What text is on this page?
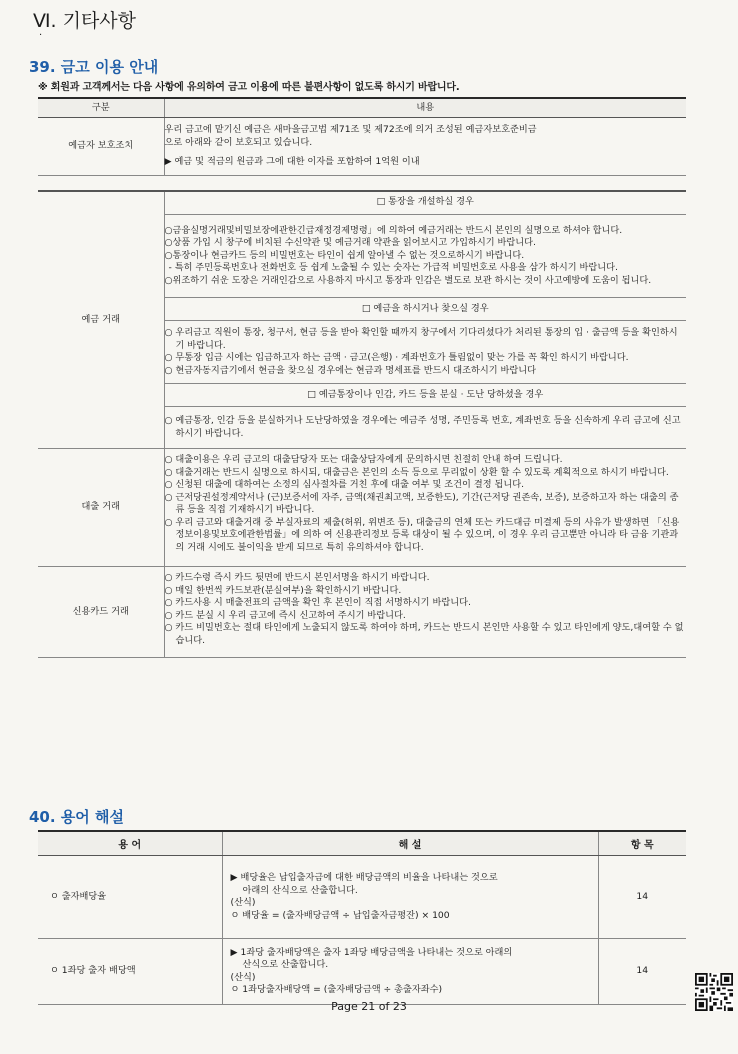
Ⅵ. 기타사항
·
39. 금고 이용 안내
※ 회원과 고객께서는 다음 사항에 유의하여 금고 이용에 따른 불편사항이 없도록 하시기 바랍니다.
구분	내용
예금자 보호조치	우리 금고에 맡기신 예금은 새마을금고법 제71조 및 제72조에 의거 조성된 예금자보호준비금
으로 아래와 같이 보호되고 있습니다.
▶ 예금 및 적금의 원금과 그에 대한 이자를 포함하여 1억원 이내

예금 거래	□ 통장을 개설하실 경우

	○금융실명거래및비밀보장에관한긴급재정경제명령」에 의하여 예금거래는 반드시 본인의 실명으로 하셔야 합니다.
○상품 가입 시 창구에 비치된 수신약관 및 예금거래 약관을 읽어보시고 가입하시기 바랍니다.
○통장이나 현금카드 등의 비밀번호는 타인이 쉽게 알아낼 수 없는 것으로하시기 바랍니다.
- 특히 주민등록번호나 전화번호 등 쉽게 노출될 수 있는 숫자는 가급적 비밀번호로 사용을 삼가 하시기 바랍니다.
○위조하기 쉬운 도장은 거래인감으로 사용하지 마시고 통장과 인감은 별도로 보관 하시는 것이 사고예방에 도움이 됩니다.

	□ 예금을 하시거나 찾으실 경우

	○ 우리금고 직원이 통장, 청구서, 현금 등을 받아 확인할 때까지 창구에서 기다리셨다가 처리된 통장의 입 · 출금액 등을 확인하시기 바랍니다.
○ 무통장 입금 시에는 입금하고자 하는 금액 · 금고(은행) · 계좌번호가 틀림없이 맞는 가를 꼭 확인 하시기 바랍니다.
○ 현금자동지급기에서 현금을 찾으실 경우에는 현금과 명세표를 반드시 대조하시기 바랍니다

	□ 예금통장이나 인감, 카드 등을 분실 · 도난 당하셨을 경우

	○ 예금통장, 인감 등을 분실하거나 도난당하였을 경우에는 예금주 성명, 주민등록 번호, 계좌번호 등을 신속하게 우리 금고에 신고하시기 바랍니다.

대출 거래	○ 대출이용은 우리 금고의 대출담당자 또는 대출상담자에게 문의하시면 친절히 안내 하여 드립니다.
○ 대출거래는 반드시 실명으로 하시되, 대출금은 본인의 소득 등으로 무리없이 상환 할 수 있도록 계획적으로 하시기 바랍니다.
○ 신청된 대출에 대하여는 소정의 심사절차를 거친 후에 대출 여부 및 조건이 결정 됩니다.
○ 근저당권설정계약서나 (근)보증서에 자주, 금액(채권최고액, 보증한도), 기간(근저당 권존속, 보증), 보증하고자 하는 대출의 종류 등을 직접 기재하시기 바랍니다.
○ 우리 금고와 대출거래 중 부실자료의 제출(허위, 위변조 등), 대출금의 연체 또는 카드대금 미결제 등의 사유가 발생하면 「신용정보이용및보호에관한법률」에 의하 여 신용관리정보 등록 대상이 될 수 있으며, 이 경우 우리 금고뿐만 아니라 타 금융 기관과의 거래 시에도 불이익을 받게 되므로 특히 유의하셔야 합니다.

신용카드 거래	○ 카드수령 즉시 카드 뒷면에 반드시 본인서명을 하시기 바랍니다.
○ 매일 한번씩 카드보관(분실여부)을 확인하시기 바랍니다.
○ 카드사용 시 매출전표의 금액을 확인 후 본인이 직접 서명하시기 바랍니다.
○ 카드 분실 시 우리 금고에 즉시 신고하여 주시기 바랍니다.
○ 카드 비밀번호는 절대 타인에게 노출되지 않도록 하여야 하며, 카드는 반드시 본인만 사용할 수 있고 타인에게 양도,대여할 수 없습니다.
40. 용어 해설
용 어	해 설	항 목
ㅇ 출자배당율	▶ 배당율은 납입출자금에 대한 배당금액의 비율을 나타내는 것으로
아래의 산식으로 산출합니다.
(산식)
ㅇ 배당율 = (출자배당금액 ÷ 납입출자금평잔) × 100	14
ㅇ 1좌당 출자 배당액	▶ 1좌당 출자배당액은 출자 1좌당 배당금액을 나타내는 것으로 아래의
산식으로 산출합니다.
(산식)
ㅇ 1좌당출자배당액 = (출자배당금액 ÷ 총출자좌수)	14
Page 21 of 23
